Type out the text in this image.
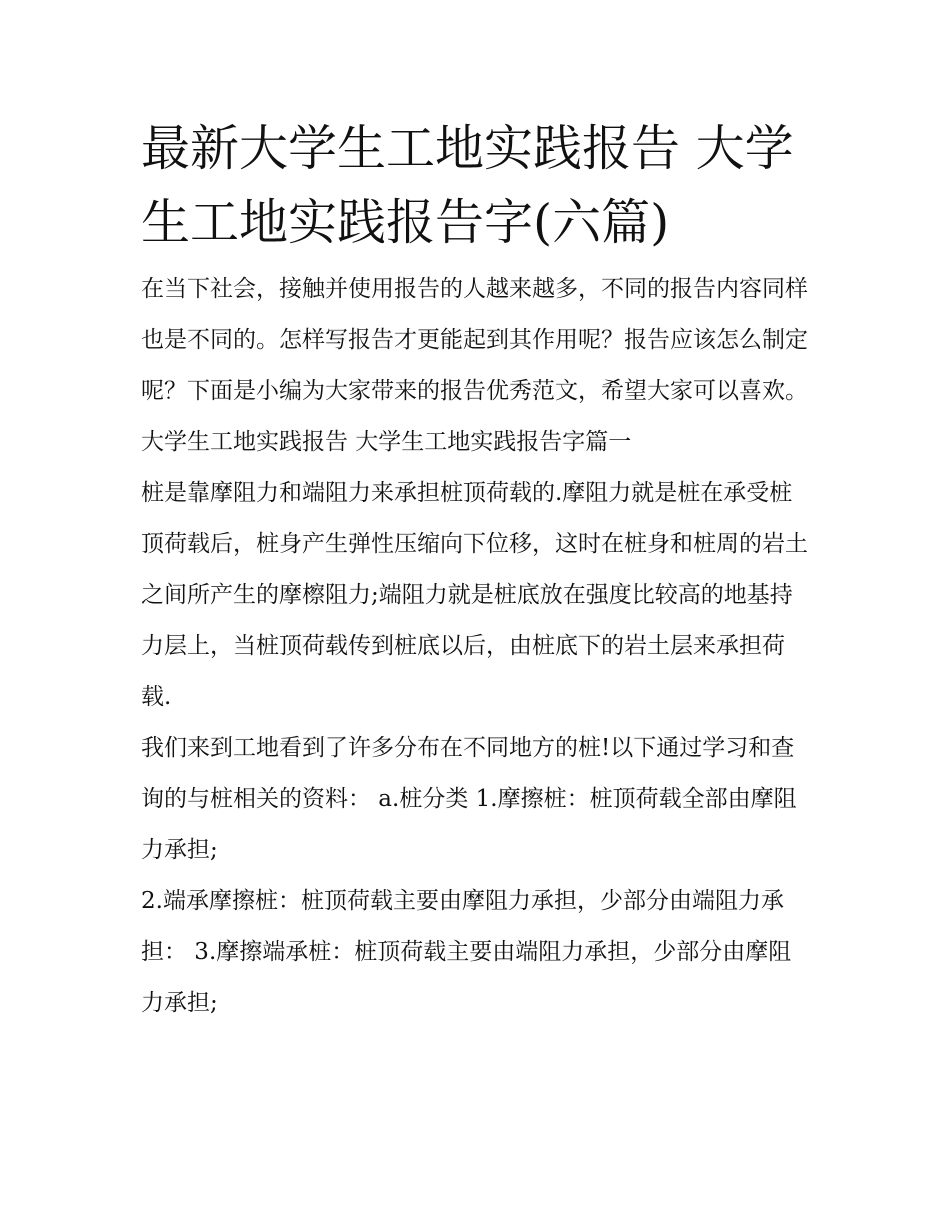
最新大学生工地实践报告 大学生工地实践报告字(六篇)

在当下社会，接触并使用报告的人越来越多，不同的报告内容同样也是不同的。怎样写报告才更能起到其作用呢？报告应该怎么制定呢？下面是小编为大家带来的报告优秀范文，希望大家可以喜欢。

大学生工地实践报告 大学生工地实践报告字篇一

桩是靠摩阻力和端阻力来承担桩顶荷载的.摩阻力就是桩在承受桩顶荷载后，桩身产生弹性压缩向下位移，这时在桩身和桩周的岩土之间所产生的摩檫阻力;端阻力就是桩底放在强度比较高的地基持力层上，当桩顶荷载传到桩底以后，由桩底下的岩土层来承担荷载.

我们来到工地看到了许多分布在不同地方的桩!以下通过学习和查询的与桩相关的资料： a.桩分类 1.摩擦桩：桩顶荷载全部由摩阻力承担;

2.端承摩擦桩：桩顶荷载主要由摩阻力承担，少部分由端阻力承担： 3.摩擦端承桩：桩顶荷载主要由端阻力承担，少部分由摩阻力承担;
